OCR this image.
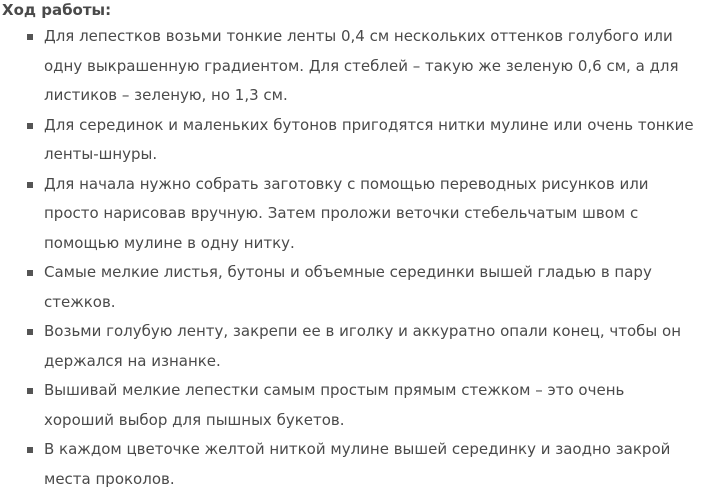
Ход работы:

Для лепестков возьми тонкие ленты 0,4 см нескольких оттенков голубого или одну выкрашенную градиентом. Для стеблей – такую же зеленую 0,6 см, а для листиков – зеленую, но 1,3 см.
Для серединок и маленьких бутонов пригодятся нитки мулине или очень тонкие ленты-шнуры.
Для начала нужно собрать заготовку с помощью переводных рисунков или просто нарисовав вручную. Затем проложи веточки стебельчатым швом с помощью мулине в одну нитку.
Самые мелкие листья, бутоны и объемные серединки вышей гладью в пару стежков.
Возьми голубую ленту, закрепи ее в иголку и аккуратно опали конец, чтобы он держался на изнанке.
Вышивай мелкие лепестки самым простым прямым стежком – это очень хороший выбор для пышных букетов.
В каждом цветочке желтой ниткой мулине вышей серединку и заодно закрой места проколов.
